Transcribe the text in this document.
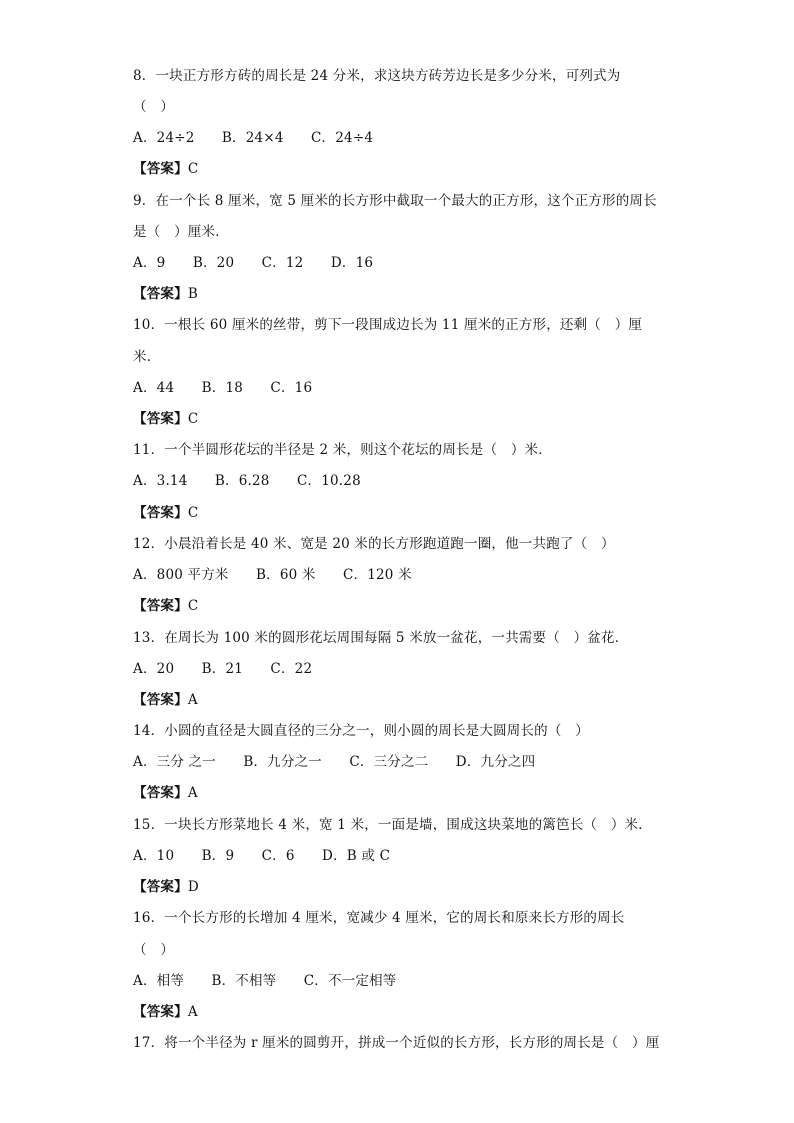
8．一块正方形方砖的周长是 24 分米，求这块方砖芳边长是多少分米，可列式为
（　）
A．24÷2　　B．24×4　　C．24÷4
【答案】C
9．在一个长 8 厘米，宽 5 厘米的长方形中截取一个最大的正方形，这个正方形的周长
是（　）厘米．
A．9　　B．20　　C．12　　D．16
【答案】B
10．一根长 60 厘米的丝带，剪下一段围成边长为 11 厘米的正方形，还剩（　）厘
米．
A．44　　B．18　　C．16
【答案】C
11．一个半圆形花坛的半径是 2 米，则这个花坛的周长是（　）米．
A．3.14　　B．6.28　　C．10.28
【答案】C
12．小晨沿着长是 40 米、宽是 20 米的长方形跑道跑一圈，他一共跑了（　）
A．800 平方米　　B．60 米　　C．120 米
【答案】C
13．在周长为 100 米的圆形花坛周围每隔 5 米放一盆花，一共需要（　）盆花．
A．20　　B．21　　C．22
【答案】A
14．小圆的直径是大圆直径的三分之一，则小圆的周长是大圆周长的（　）
A．三分 之一　　B．九分之一　　C．三分之二　　D．九分之四
【答案】A
15．一块长方形菜地长 4 米，宽 1 米，一面是墙，围成这块菜地的篱笆长（　）米．
A．10　　B．9　　C．6　　D．B 或 C
【答案】D
16．一个长方形的长增加 4 厘米，宽减少 4 厘米，它的周长和原来长方形的周长
（　）
A．相等　　B．不相等　　C．不一定相等
【答案】A
17．将一个半径为 r 厘米的圆剪开，拼成一个近似的长方形，长方形的周长是（　）厘
